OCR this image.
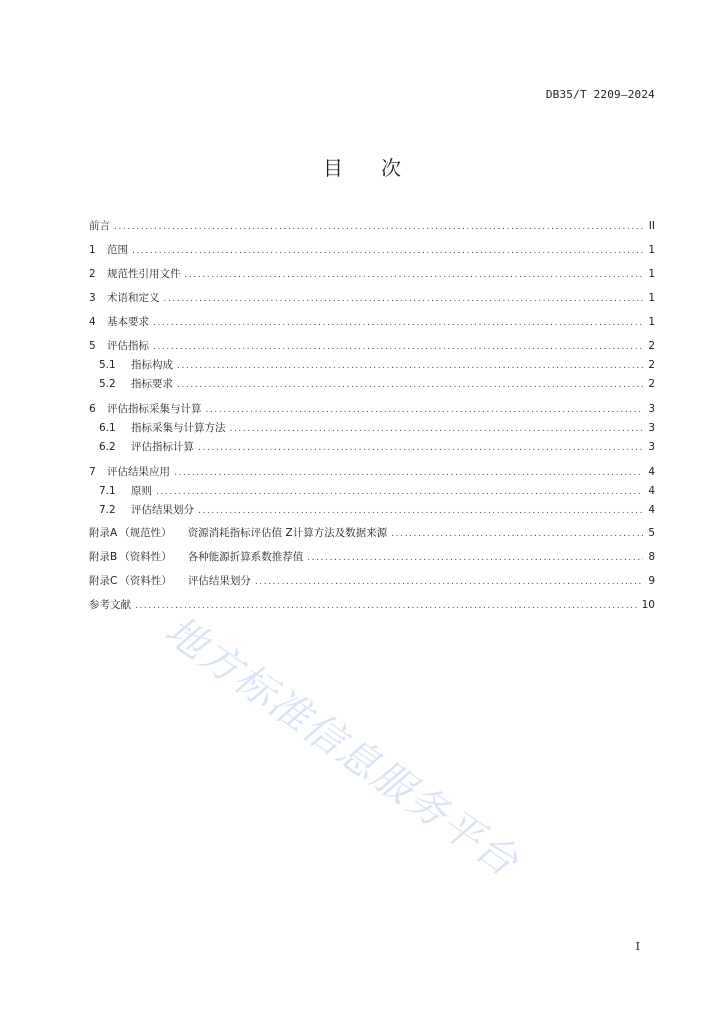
DB35/T 2209—2024
目 次
前言 .....	II
1	范围 .....	1
2	规范性引用文件 .....	1
3	术语和定义 .....	1
4	基本要求 .....	1
5	评估指标 .....	2
5.1	指标构成 .....	2
5.2	指标要求 .....	2
6	评估指标采集与计算 .....	3
6.1	指标采集与计算方法 .....	3
6.2	评估指标计算 .....	3
7	评估结果应用 .....	4
7.1	原则 .....	4
7.2	评估结果划分 .....	4
附录A （规范性） 资源消耗指标评估值 Z计算方法及数据来源 .....	5
附录B （资料性） 各种能源折算系数推荐值 .....	8
附录C （资料性） 评估结果划分 .....	9
参考文献 .....	10
地方标准信息服务平台
I
